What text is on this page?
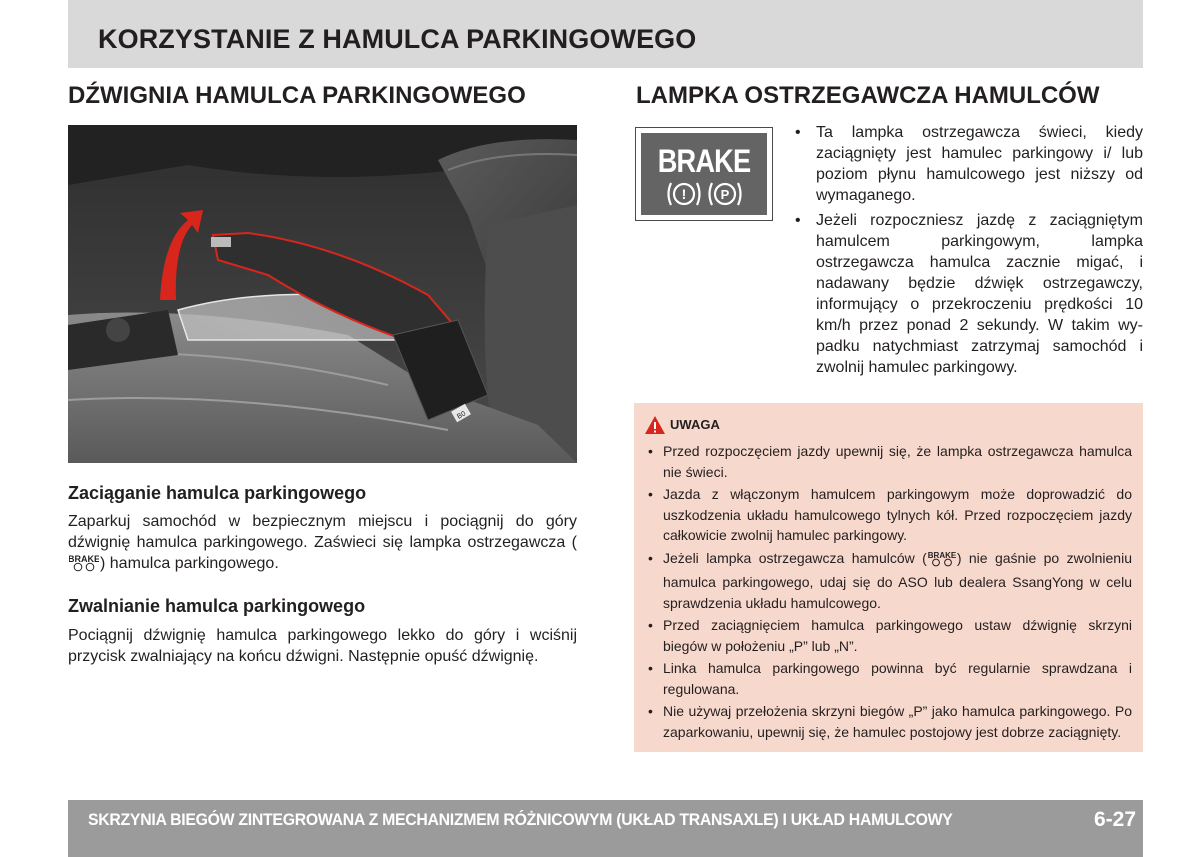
KORZYSTANIE Z HAMULCA PARKINGOWEGO
DŹWIGNIA HAMULCA PARKINGOWEGO
B0
Zaciąganie hamulca parkingowego
Zaparkuj samochód w bezpiecznym miejscu i pociągnij do góry dźwignię hamulca parkingowego. Zaświeci się lampka ostrzegawcza (
BRAKE ) hamulca parkingowego.
Zwalnianie hamulca parkingowego
Pociągnij dźwignię hamulca parkingowego lekko do góry i wciśnij przycisk zwalniający na końcu dźwigni. Następnie opuść dźwignię.
LAMPKA OSTRZEGAWCZA HAMULCÓW
BRAKE
!	P
• Ta lampka ostrzegawcza świeci, kiedy zaciągnięty jest hamulec parkingowy i/ lub poziom płynu hamulcowego jest niższy od wymaganego.
• Jeżeli rozpoczniesz jazdę z zaciągniętym hamulcem parkingowym, lampka ostrzegawcza hamulca zacznie migać, i nadawany będzie dźwięk ostrzegawczy, informujący o przekroczeniu prędkości 10 km/h przez ponad 2 sekundy. W takim wypadku natychmiast zatrzymaj samochód i zwolnij hamulec parkingowy.
UWAGA
• Przed rozpoczęciem jazdy upewnij się, że lampka ostrzegawcza hamulca nie świeci.
• Jazda z włączonym hamulcem parkingowym może doprowadzić do uszkodzenia układu hamulcowego tylnych kół. Przed rozpoczęciem jazdy całkowicie zwolnij hamulec parkingowy.
• Jeżeli lampka ostrzegawcza hamulców ( BRAKE ) nie gaśnie po zwolnieniu hamulca parkingowego, udaj się do ASO lub dealera SsangYong w celu sprawdzenia układu hamulcowego.
• Przed zaciągnięciem hamulca parkingowego ustaw dźwignię skrzyni biegów w położeniu „P” lub „N”.
• Linka hamulca parkingowego powinna być regularnie sprawdzana i regulowana.
• Nie używaj przełożenia skrzyni biegów „P” jako hamulca parkingowego. Po zaparkowaniu, upewnij się, że hamulec postojowy jest dobrze zaciągnięty.
SKRZYNIA BIEGÓW ZINTEGROWANA Z MECHANIZMEM RÓŻNICOWYM (UKŁAD TRANSAXLE) I UKŁAD HAMULCOWY	6-27
